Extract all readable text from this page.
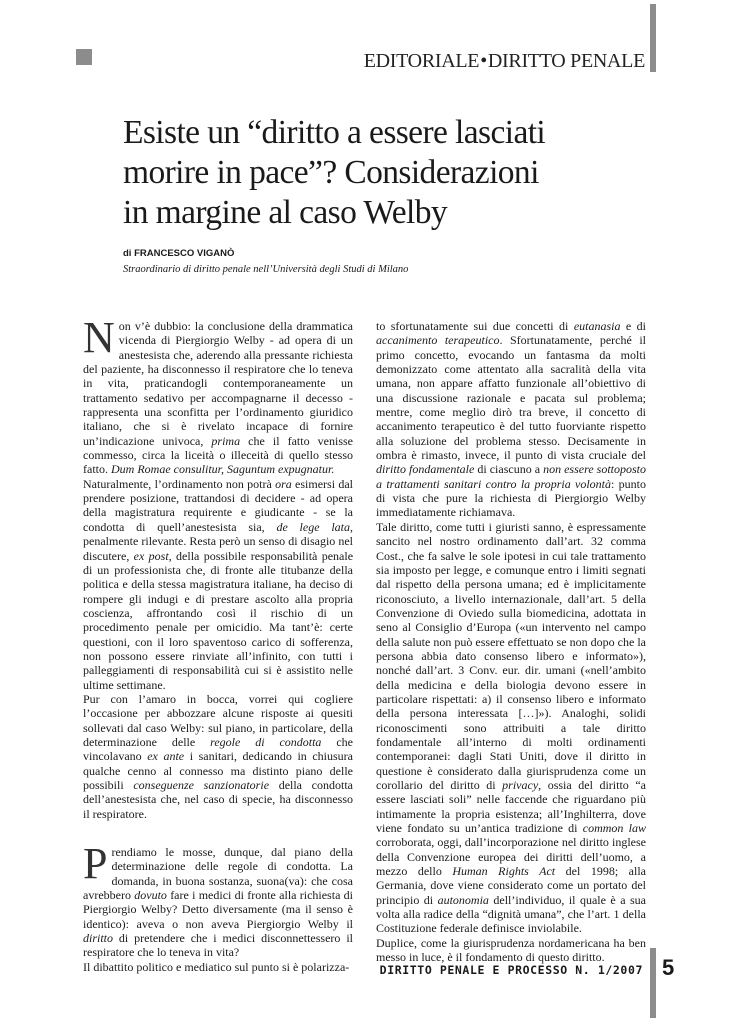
EDITORIALE•DIRITTO PENALE
Esiste un “diritto a essere lasciati morire in pace”? Considerazioni in margine al caso Welby
di FRANCESCO VIGANÒ
Straordinario di diritto penale nell’Università degli Studi di Milano

Non v’è dubbio: la conclusione della drammatica vicenda di Piergiorgio Welby - ad opera di un anestesista che, aderendo alla pressante richiesta del paziente, ha disconnesso il respiratore che lo teneva in vita, praticandogli contemporaneamente un trattamento sedativo per accompagnarne il decesso - rappresenta una sconfitta per l’ordinamento giuridico italiano, che si è rivelato incapace di fornire un’indicazione univoca, prima che il fatto venisse commesso, circa la liceità o illeceità di quello stesso fatto. Dum Romae consulitur, Saguntum expugnatur.

Naturalmente, l’ordinamento non potrà ora esimersi dal prendere posizione, trattandosi di decidere - ad opera della magistratura requirente e giudicante - se la condotta di quell’anestesista sia, de lege lata, penalmente rilevante. Resta però un senso di disagio nel discutere, ex post, della possibile responsabilità penale di un professionista che, di fronte alle titubanze della politica e della stessa magistratura italiane, ha deciso di rompere gli indugi e di prestare ascolto alla propria coscienza, affrontando così il rischio di un procedimento penale per omicidio. Ma tant’è: certe questioni, con il loro spaventoso carico di sofferenza, non possono essere rinviate all’infinito, con tutti i palleggiamenti di responsabilità cui si è assistito nelle ultime settimane.

Pur con l’amaro in bocca, vorrei qui cogliere l’occasione per abbozzare alcune risposte ai quesiti sollevati dal caso Welby: sul piano, in particolare, della determinazione delle regole di condotta che vincolavano ex ante i sanitari, dedicando in chiusura qualche cenno al connesso ma distinto piano delle possibili conseguenze sanzionatorie della condotta dell’anestesista che, nel caso di specie, ha disconnesso il respiratore.

Prendiamo le mosse, dunque, dal piano della determinazione delle regole di condotta. La domanda, in buona sostanza, suona(va): che cosa avrebbero dovuto fare i medici di fronte alla richiesta di Piergiorgio Welby? Detto diversamente (ma il senso è identico): aveva o non aveva Piergiorgio Welby il diritto di pretendere che i medici disconnettessero il respiratore che lo teneva in vita?

Il dibattito politico e mediatico sul punto si è polarizza-

to sfortunatamente sui due concetti di eutanasia e di accanimento terapeutico. Sfortunatamente, perché il primo concetto, evocando un fantasma da molti demonizzato come attentato alla sacralità della vita umana, non appare affatto funzionale all’obiettivo di una discussione razionale e pacata sul problema; mentre, come meglio dirò tra breve, il concetto di accanimento terapeutico è del tutto fuorviante rispetto alla soluzione del problema stesso. Decisamente in ombra è rimasto, invece, il punto di vista cruciale del diritto fondamentale di ciascuno a non essere sottoposto a trattamenti sanitari contro la propria volontà: punto di vista che pure la richiesta di Piergiorgio Welby immediatamente richiamava.

Tale diritto, come tutti i giuristi sanno, è espressamente sancito nel nostro ordinamento dall’art. 32 comma Cost., che fa salve le sole ipotesi in cui tale trattamento sia imposto per legge, e comunque entro i limiti segnati dal rispetto della persona umana; ed è implicitamente riconosciuto, a livello internazionale, dall’art. 5 della Convenzione di Oviedo sulla biomedicina, adottata in seno al Consiglio d’Europa («un intervento nel campo della salute non può essere effettuato se non dopo che la persona abbia dato consenso libero e informato»), nonché dall’art. 3 Conv. eur. dir. umani («nell’ambito della medicina e della biologia devono essere in particolare rispettati: a) il consenso libero e informato della persona interessata […]»). Analoghi, solidi riconoscimenti sono attribuiti a tale diritto fondamentale all’interno di molti ordinamenti contemporanei: dagli Stati Uniti, dove il diritto in questione è considerato dalla giurisprudenza come un corollario del diritto di privacy, ossia del diritto “a essere lasciati soli” nelle faccende che riguardano più intimamente la propria esistenza; all’Inghilterra, dove viene fondato su un’antica tradizione di common law corroborata, oggi, dall’incorporazione nel diritto inglese della Convenzione europea dei diritti dell’uomo, a mezzo dello Human Rights Act del 1998; alla Germania, dove viene considerato come un portato del principio di autonomia dell’individuo, il quale è a sua volta alla radice della “dignità umana”, che l’art. 1 della Costituzione federale definisce inviolabile.

Duplice, come la giurisprudenza nordamericana ha ben messo in luce, è il fondamento di questo diritto.

DIRITTO PENALE E PROCESSO N. 1/2007 5
